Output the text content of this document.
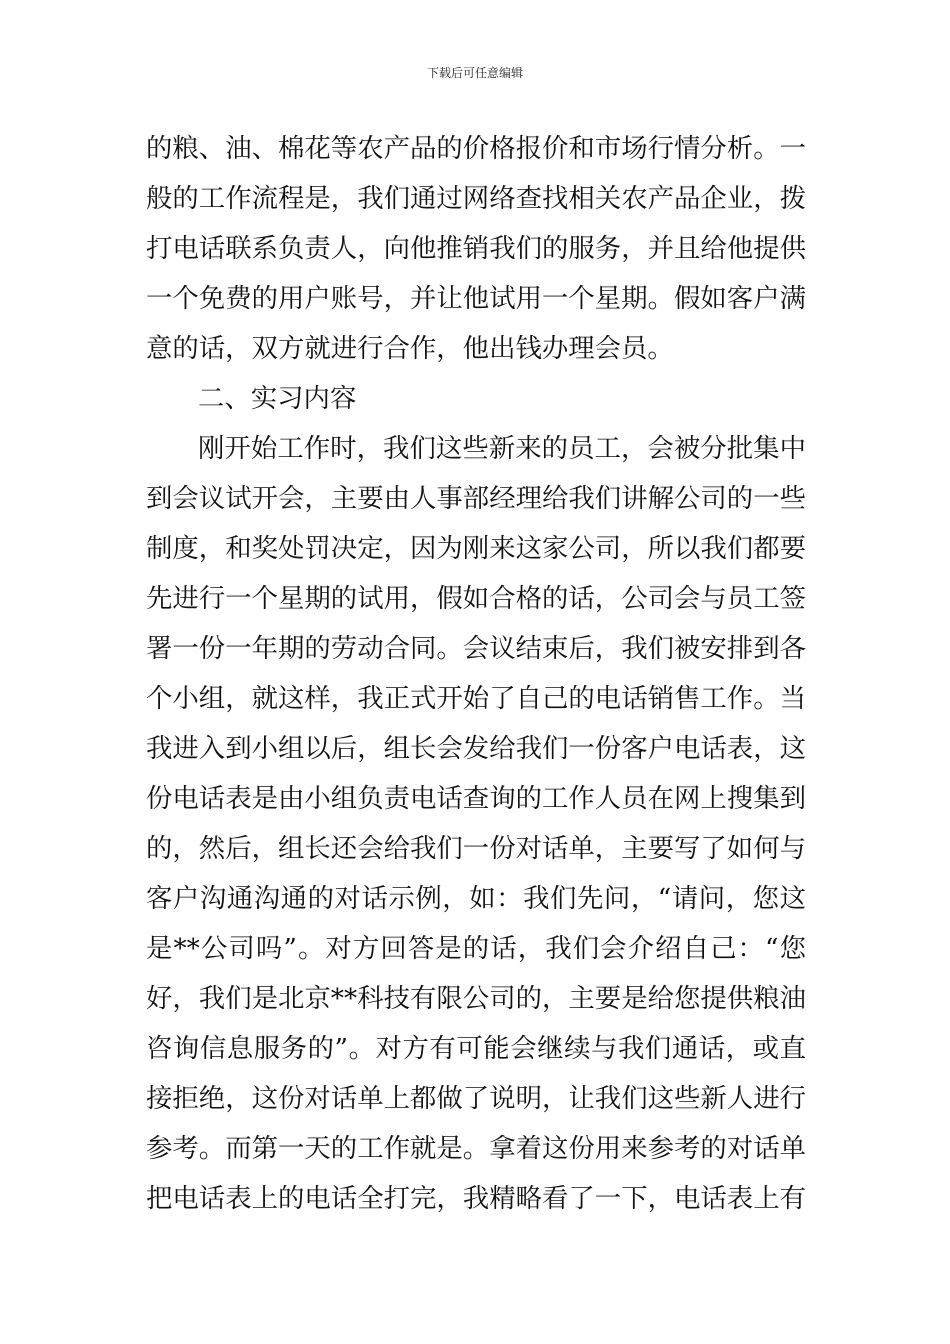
下载后可任意编辑
的粮、油、棉花等农产品的价格报价和市场行情分析。一
般的工作流程是，我们通过网络查找相关农产品企业，拨
打电话联系负责人，向他推销我们的服务，并且给他提供
一个免费的用户账号，并让他试用一个星期。假如客户满
意的话，双方就进行合作，他出钱办理会员。
二、实习内容
刚开始工作时，我们这些新来的员工，会被分批集中
到会议试开会，主要由人事部经理给我们讲解公司的一些
制度，和奖处罚决定，因为刚来这家公司，所以我们都要
先进行一个星期的试用，假如合格的话，公司会与员工签
署一份一年期的劳动合同。会议结束后，我们被安排到各
个小组，就这样，我正式开始了自己的电话销售工作。当
我进入到小组以后，组长会发给我们一份客户电话表，这
份电话表是由小组负责电话查询的工作人员在网上搜集到
的，然后，组长还会给我们一份对话单，主要写了如何与
客户沟通沟通的对话示例，如：我们先问，“请问，您这
是**公司吗”。对方回答是的话，我们会介绍自己：“您
好，我们是北京**科技有限公司的，主要是给您提供粮油
咨询信息服务的”。对方有可能会继续与我们通话，或直
接拒绝，这份对话单上都做了说明，让我们这些新人进行
参考。而第一天的工作就是。拿着这份用来参考的对话单
把电话表上的电话全打完，我精略看了一下，电话表上有
